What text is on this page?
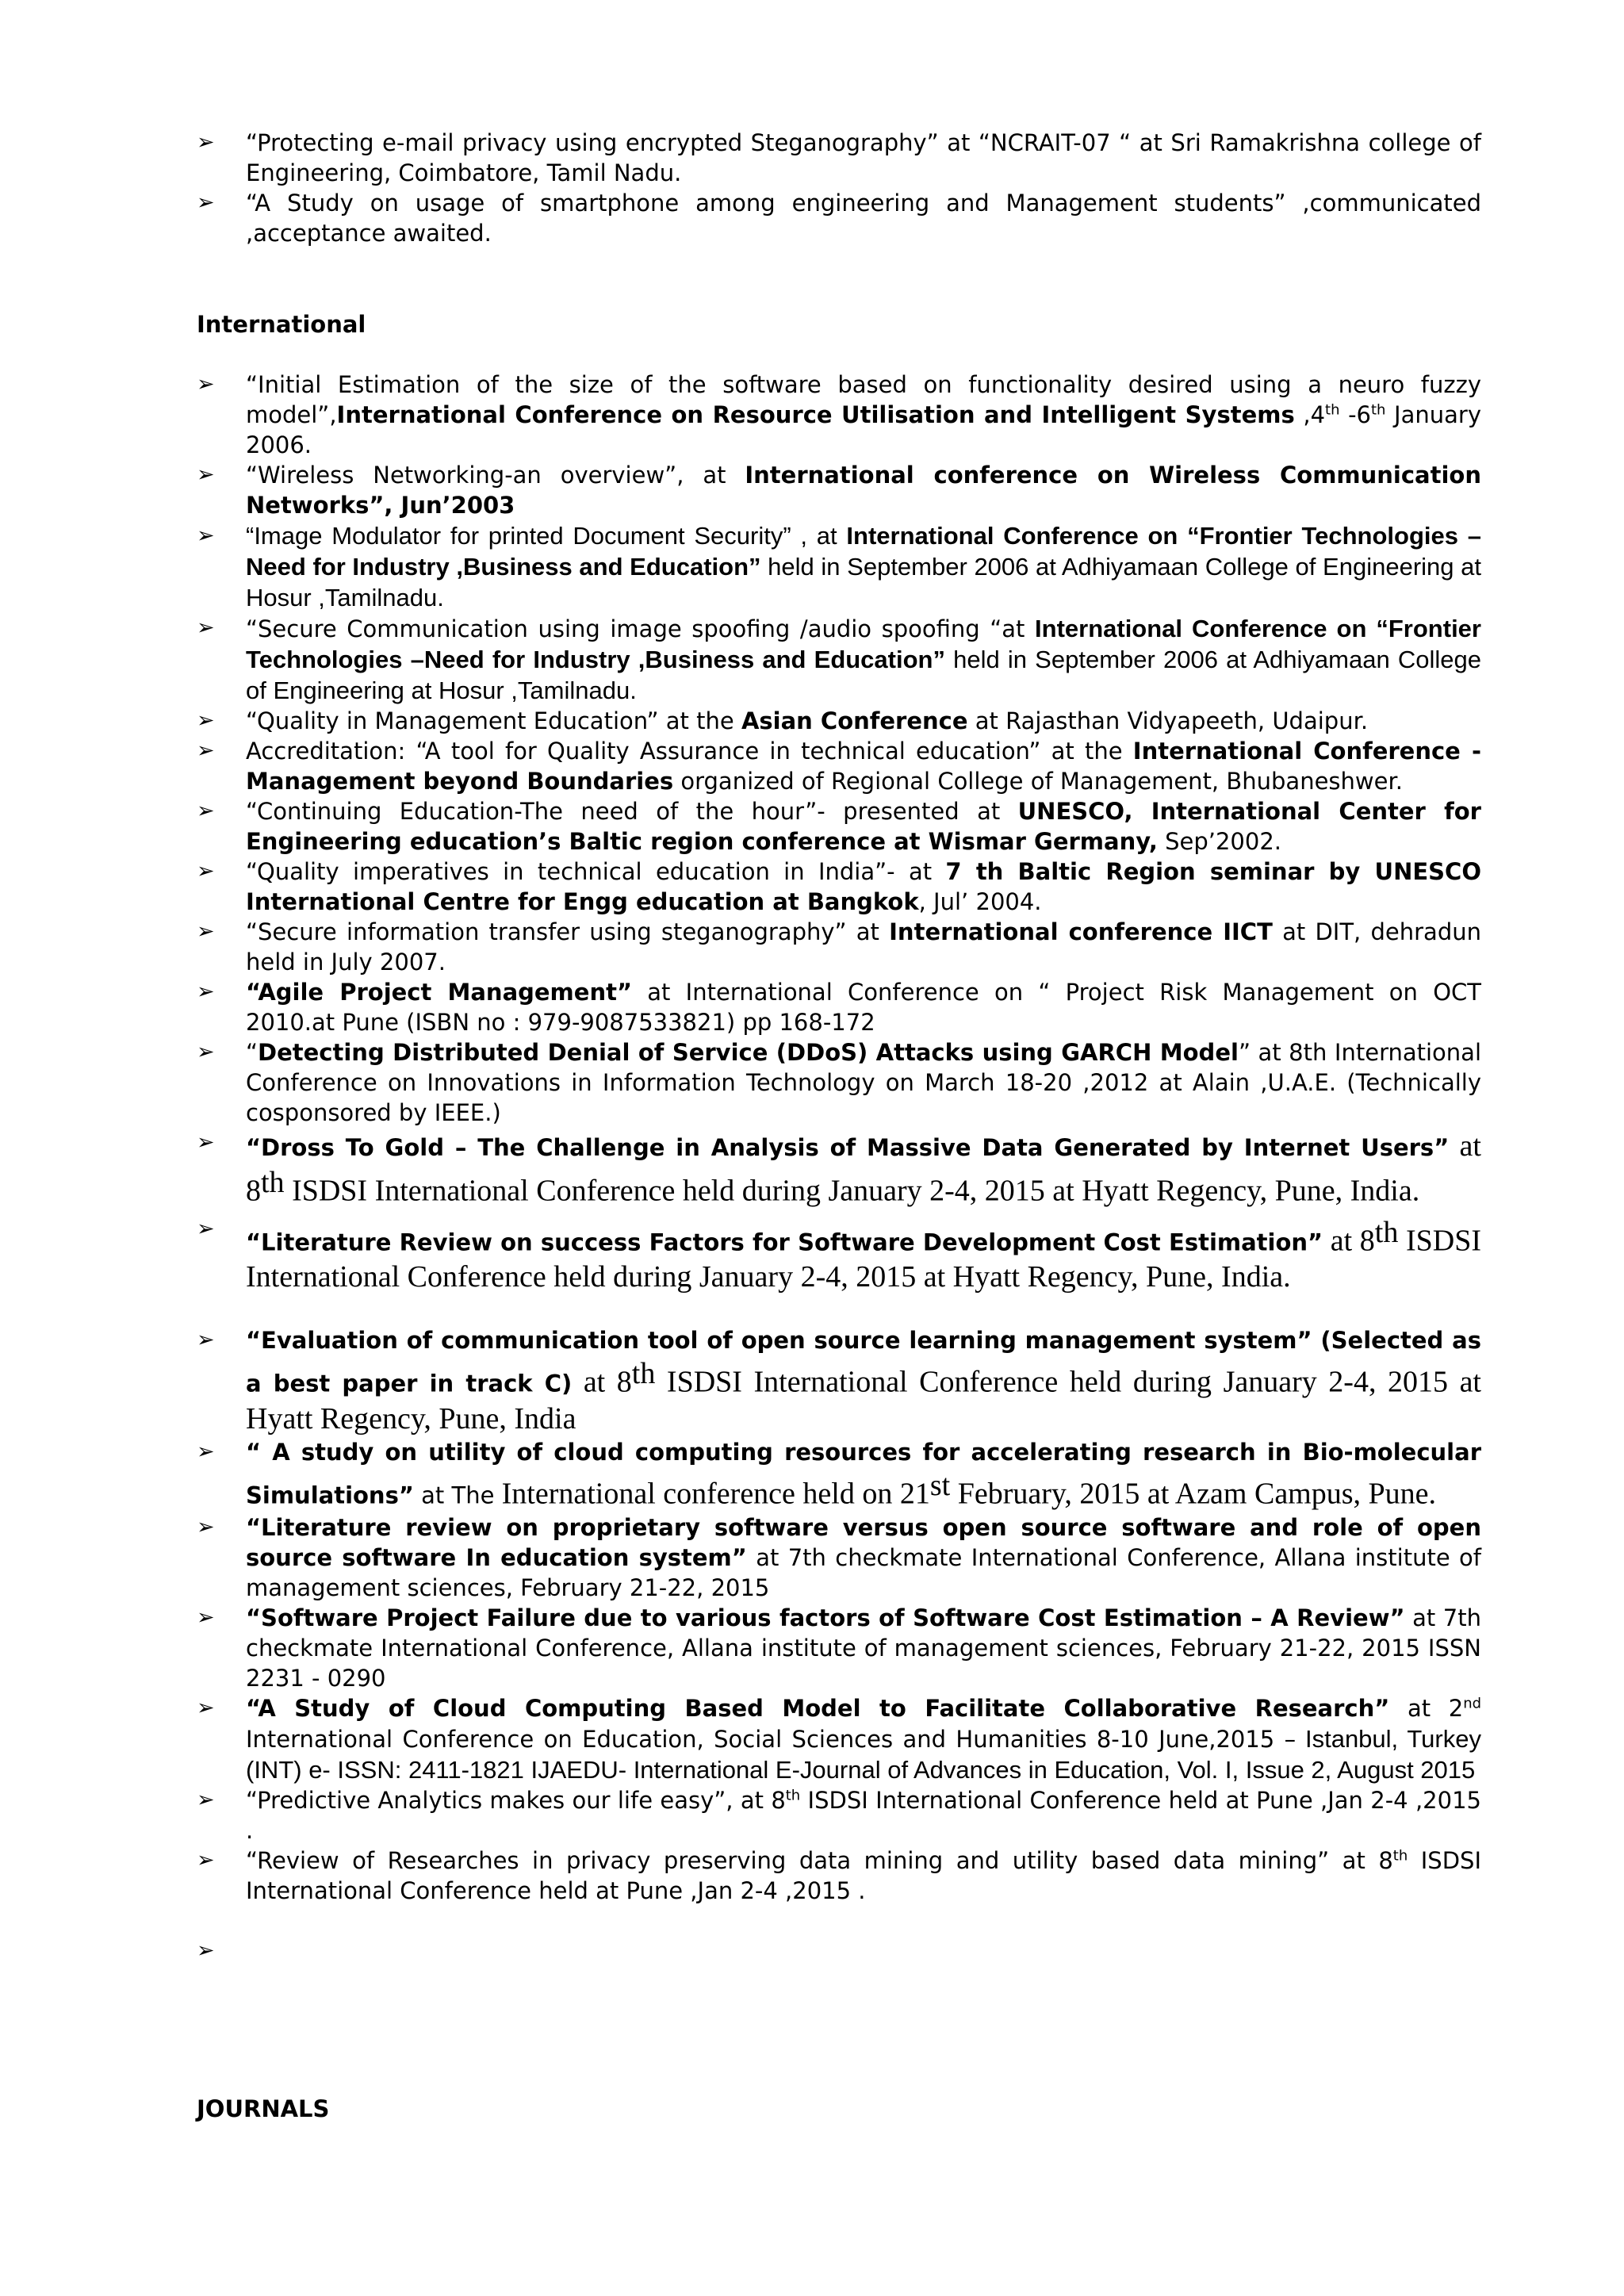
➢ “Protecting e-mail privacy using encrypted Steganography” at “NCRAIT-07 “ at Sri Ramakrishna college of Engineering, Coimbatore, Tamil Nadu.
➢ “A Study on usage of smartphone among engineering and Management students” ,communicated ,acceptance awaited.
International
➢ “Initial Estimation of the size of the software based on functionality desired using a neuro fuzzy model”,International Conference on Resource Utilisation and Intelligent Systems ,4th -6th January 2006.
➢ “Wireless Networking-an overview”, at International conference on Wireless Communication Networks”, Jun’2003
➢ “Image Modulator for printed Document Security” , at International Conference on “Frontier Technologies –Need for Industry ,Business and Education” held in September 2006 at Adhiyamaan College of Engineering at Hosur ,Tamilnadu.
➢ “Secure Communication using image spoofing /audio spoofing “at International Conference on “Frontier Technologies –Need for Industry ,Business and Education” held in September 2006 at Adhiyamaan College of Engineering at Hosur ,Tamilnadu.
➢ “Quality in Management Education” at the Asian Conference at Rajasthan Vidyapeeth, Udaipur.
➢ Accreditation: “A tool for Quality Assurance in technical education” at the International Conference - Management beyond Boundaries organized of Regional College of Management, Bhubaneshwer.
➢ “Continuing Education-The need of the hour”- presented at UNESCO, International Center for Engineering education’s Baltic region conference at Wismar Germany, Sep’2002.
➢ “Quality imperatives in technical education in India”- at 7 th Baltic Region seminar by UNESCO International Centre for Engg education at Bangkok, Jul’ 2004.
➢ “Secure information transfer using steganography” at International conference IICT at DIT, dehradun held in July 2007.
➢ “Agile Project Management” at International Conference on “ Project Risk Management on OCT 2010.at Pune (ISBN no : 979-9087533821) pp 168-172
➢ “Detecting Distributed Denial of Service (DDoS) Attacks using GARCH Model” at 8th International Conference on Innovations in Information Technology on March 18-20 ,2012 at Alain ,U.A.E. (Technically cosponsored by IEEE.)
➢ “Dross To Gold – The Challenge in Analysis of Massive Data Generated by Internet Users” at 8th ISDSI International Conference held during January 2-4, 2015 at Hyatt Regency, Pune, India.
➢ “Literature Review on success Factors for Software Development Cost Estimation” at 8th ISDSI International Conference held during January 2-4, 2015 at Hyatt Regency, Pune, India.
➢ “Evaluation of communication tool of open source learning management system” (Selected as a best paper in track C) at 8th ISDSI International Conference held during January 2-4, 2015 at Hyatt Regency, Pune, India
➢ “ A study on utility of cloud computing resources for accelerating research in Bio-molecular Simulations” at The International conference held on 21st February, 2015 at Azam Campus, Pune.
➢ “Literature review on proprietary software versus open source software and role of open source software In education system” at 7th checkmate International Conference, Allana institute of management sciences, February 21-22, 2015
➢ “Software Project Failure due to various factors of Software Cost Estimation – A Review” at 7th checkmate International Conference, Allana institute of management sciences, February 21-22, 2015 ISSN 2231 - 0290
➢ “A Study of Cloud Computing Based Model to Facilitate Collaborative Research” at 2nd International Conference on Education, Social Sciences and Humanities 8-10 June,2015 – Istanbul, Turkey (INT) e- ISSN: 2411-1821 IJAEDU- International E-Journal of Advances in Education, Vol. I, Issue 2, August 2015
➢ “Predictive Analytics makes our life easy”, at 8th ISDSI International Conference held at Pune ,Jan 2-4 ,2015 .
➢ “Review of Researches in privacy preserving data mining and utility based data mining” at 8th ISDSI International Conference held at Pune ,Jan 2-4 ,2015 .
➢
JOURNALS
